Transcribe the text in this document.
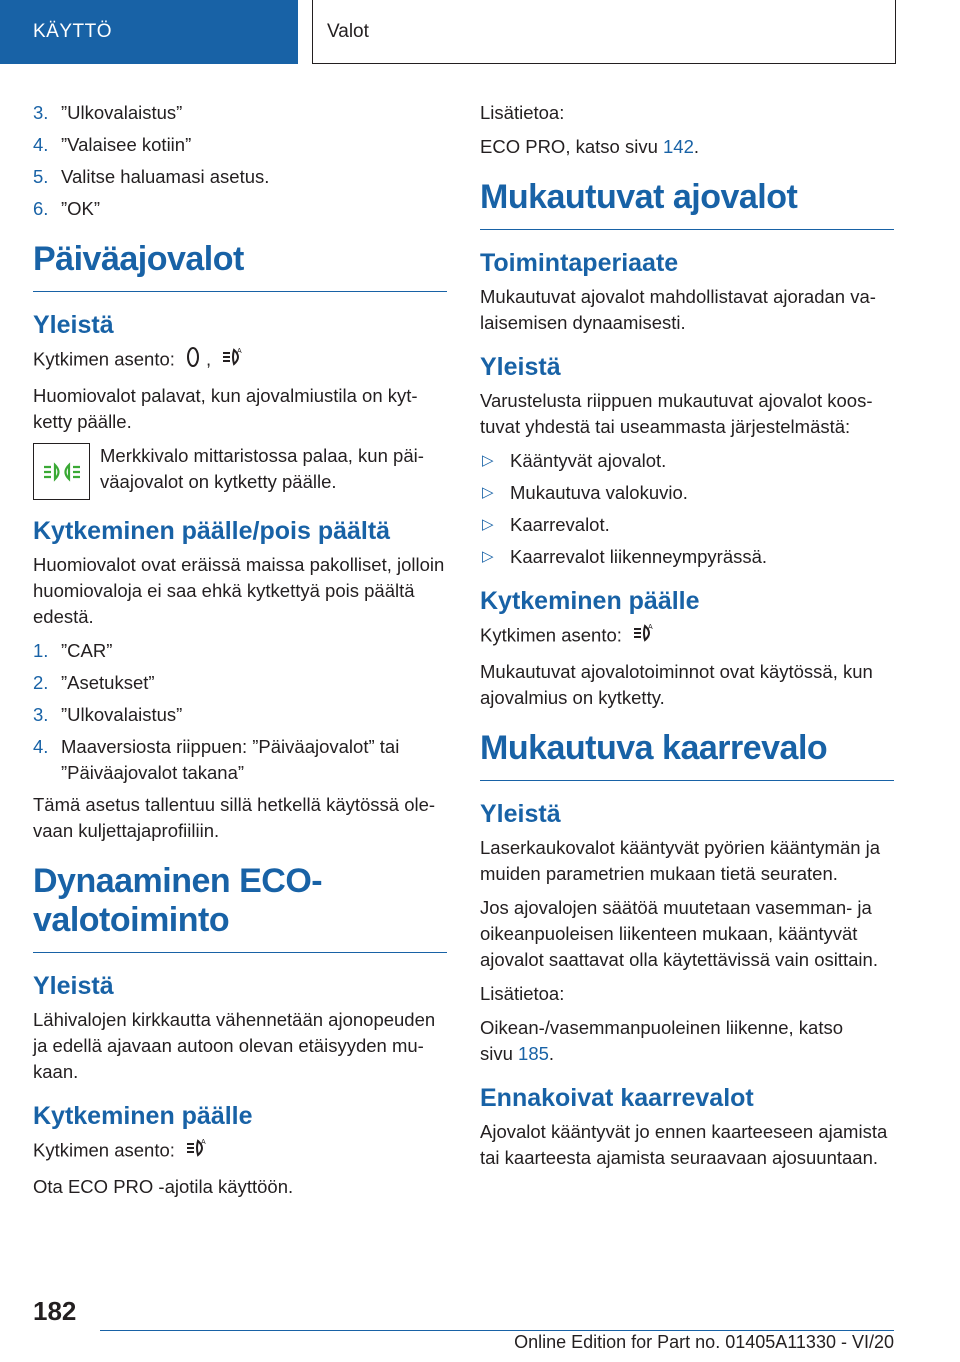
KÄYTTÖ	Valot
3. ”Ulkovalaistus”
4. ”Valaisee kotiin”
5. Valitse haluamasi asetus.
6. ”OK”
Päiväajovalot
Yleistä

Kytkimen asento: ,	A

Huomiovalot palavat, kun ajovalmiustila on kytketty päälle.

Merkkivalo mittaristossa palaa, kun päiväajovalot on kytketty päälle.

Kytkeminen päälle/pois päältä

Huomiovalot ovat eräissä maissa pakolliset, jolloin huomiovaloja ei saa ehkä kytkettyä pois päältä edestä.

1. ”CAR”
2. ”Asetukset”
3. ”Ulkovalaistus”
4. Maaversiosta riippuen: ”Päiväajovalot” tai ”Päiväajovalot takana”

Tämä asetus tallentuu sillä hetkellä käytössä olevaan kuljettajaprofiiliin.

Dynaaminen ECO-valotoiminto
Yleistä

Lähivalojen kirkkautta vähennetään ajonopeuden ja edellä ajavaan autoon olevan etäisyyden mukaan.

Kytkeminen päälle

Kytkimen asento:	A

Ota ECO PRO -ajotila käyttöön.

Lisätietoa:

ECO PRO, katso sivu 142.

Mukautuvat ajovalot
Toimintaperiaate

Mukautuvat ajovalot mahdollistavat ajoradan valaisemisen dynaamisesti.

Yleistä

Varustelusta riippuen mukautuvat ajovalot koostuvat yhdestä tai useammasta järjestelmästä:

▷ Kääntyvät ajovalot.
▷ Mukautuva valokuvio.
▷ Kaarrevalot.
▷ Kaarrevalot liikenneympyrässä.
Kytkeminen päälle

Kytkimen asento:	A

Mukautuvat ajovalotoiminnot ovat käytössä, kun ajovalmius on kytketty.

Mukautuva kaarrevalo
Yleistä

Laserkaukovalot kääntyvät pyörien kääntymän ja muiden parametrien mukaan tietä seuraten.

Jos ajovalojen säätöä muutetaan vasemman- ja oikeanpuoleisen liikenteen mukaan, kääntyvät ajovalot saattavat olla käytettävissä vain osittain.

Lisätietoa:

Oikean-/vasemmanpuoleinen liikenne, katso
sivu 185.

Ennakoivat kaarrevalot

Ajovalot kääntyvät jo ennen kaarteeseen ajamista tai kaarteesta ajamista seuraavaan ajosuuntaan.

182
Online Edition for Part no. 01405A11330 - VI/20
